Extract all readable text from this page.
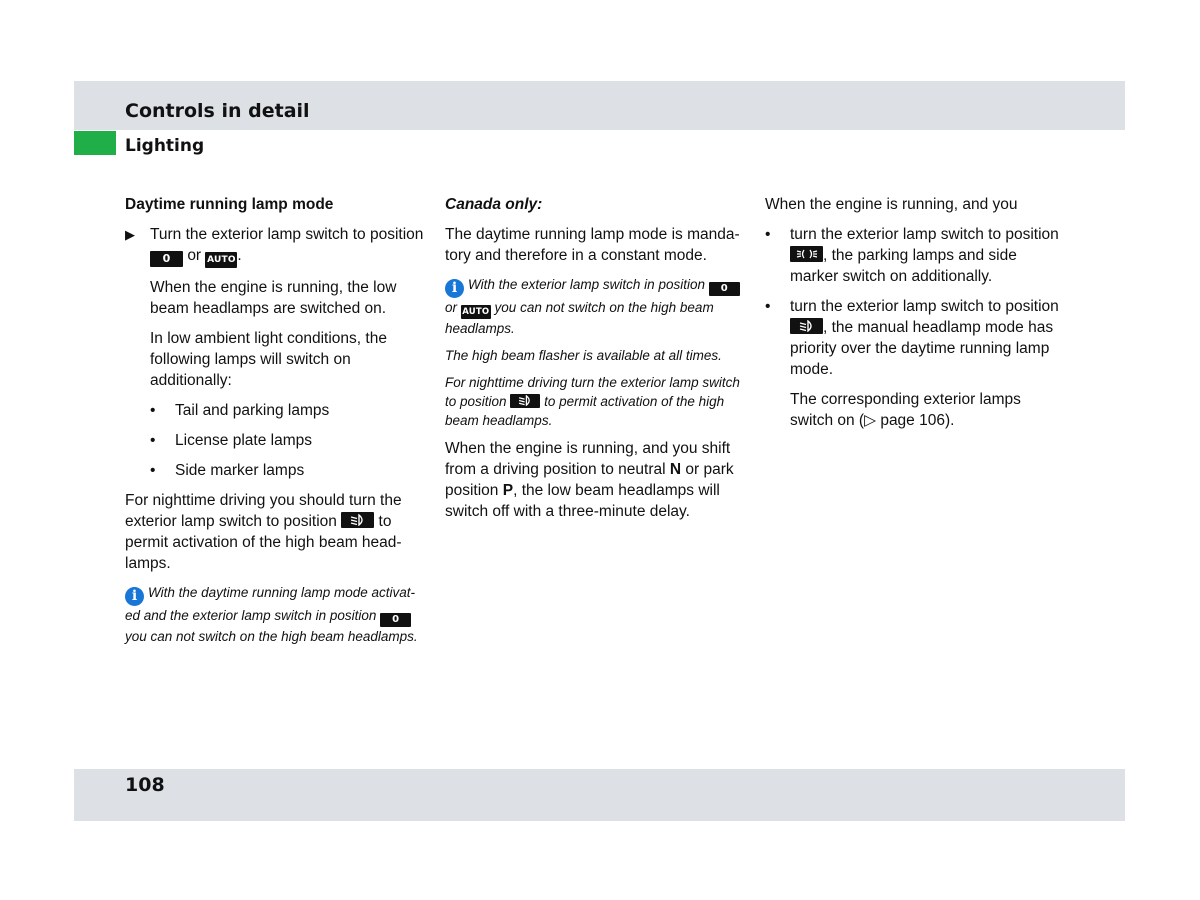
Controls in detail
Lighting
Daytime running lamp mode
▶ Turn the exterior lamp switch to position 0 or AUTO .

When the engine is running, the low beam headlamps are switched on.

In low ambient light conditions, the following lamps will switch on additionally:

• Tail and parking lamps
• License plate lamps
• Side marker lamps

For nighttime driving you should turn the exterior lamp switch to position	to permit activation of the high beam head-lamps.

i With the daytime running lamp mode activat-ed and the exterior lamp switch in position 0 you can not switch on the high beam headlamps.
Canada only:

The daytime running lamp mode is manda-tory and therefore in a constant mode.

i With the exterior lamp switch in position 0 or AUTO you can not switch on the high beam headlamps.
The high beam flasher is available at all times.
For nighttime driving turn the exterior lamp switch to position	to permit activation of the high beam headlamps.

When the engine is running, and you shift from a driving position to neutral N or park position P, the low beam headlamps will switch off with a three-minute delay.

When the engine is running, and you

• turn the exterior lamp switch to position
, the parking lamps and side marker switch on additionally.
• turn the exterior lamp switch to position
, the manual headlamp mode has priority over the daytime running lamp mode.

The corresponding exterior lamps switch on (▷ page 106).

108
